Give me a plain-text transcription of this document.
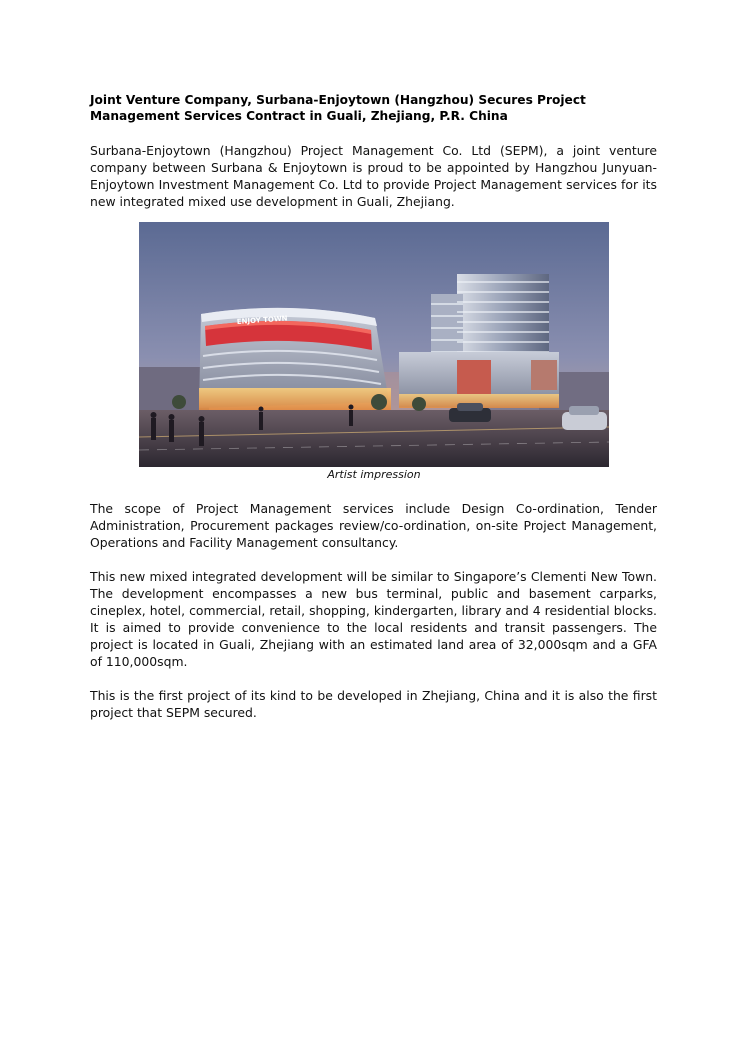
Joint Venture Company, Surbana-Enjoytown (Hangzhou) Secures Project Management Services Contract in Guali, Zhejiang, P.R. China

Surbana-Enjoytown (Hangzhou) Project Management Co. Ltd (SEPM), a joint venture company between Surbana & Enjoytown is proud to be appointed by Hangzhou Junyuan-Enjoytown Investment Management Co. Ltd to provide Project Management services for its new integrated mixed use development in Guali, Zhejiang.

ENJOY TOWN

Artist impression

The scope of Project Management services include Design Co-ordination, Tender Administration, Procurement packages review/co-ordination, on-site Project Management, Operations and Facility Management consultancy.

This new mixed integrated development will be similar to Singapore’s Clementi New Town. The development encompasses a new bus terminal, public and basement carparks, cineplex, hotel, commercial, retail, shopping, kindergarten, library and 4 residential blocks. It is aimed to provide convenience to the local residents and transit passengers. The project is located in Guali, Zhejiang with an estimated land area of 32,000sqm and a GFA of 110,000sqm.

This is the first project of its kind to be developed in Zhejiang, China and it is also the first project that SEPM secured.
